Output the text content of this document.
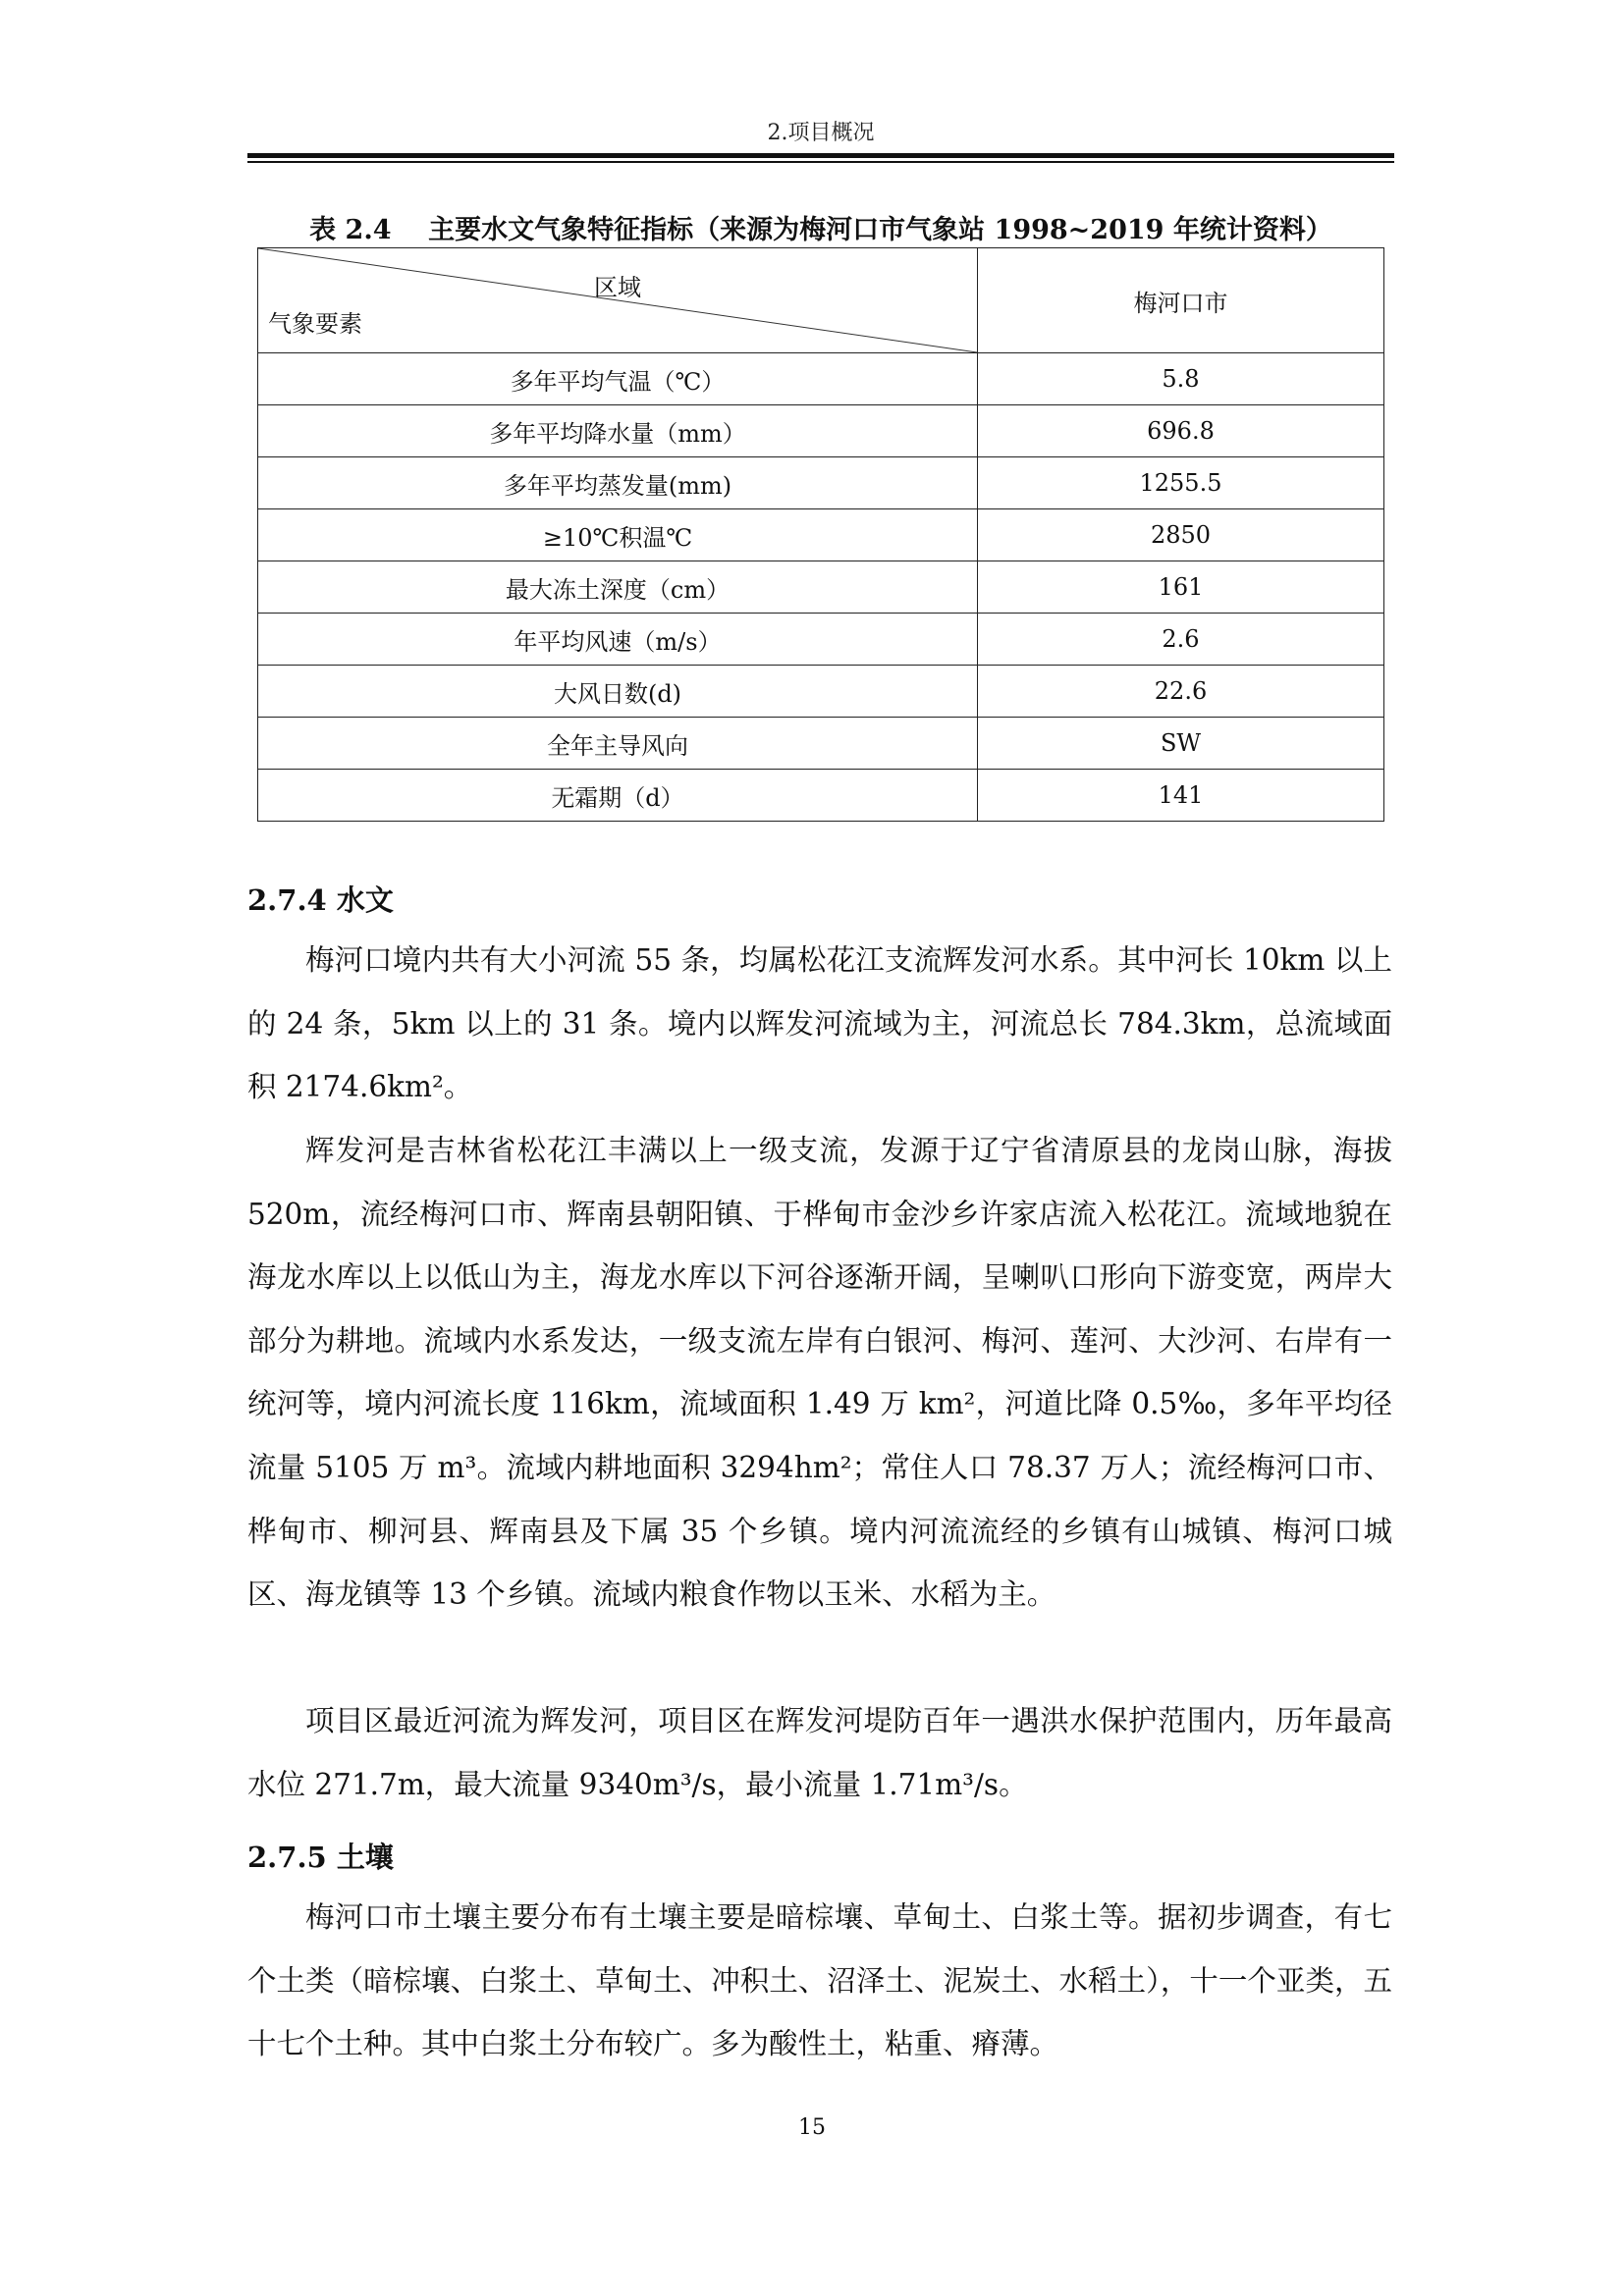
2.项目概况
表 2.4    主要水文气象特征指标（来源为梅河口市气象站 1998~2019 年统计资料）
区域
气象要素	梅河口市
多年平均气温（℃）	5.8
多年平均降水量（mm）	696.8
多年平均蒸发量(mm)	1255.5
≥10℃积温℃	2850
最大冻土深度（cm）	161
年平均风速（m/s）	2.6
大风日数(d)	22.6
全年主导风向	SW
无霜期（d）	141
2.7.4 水文

梅河口境内共有大小河流 55 条，均属松花江支流辉发河水系。其中河长 10km 以上的 24 条，5km 以上的 31 条。境内以辉发河流域为主，河流总长 784.3km，总流域面积 2174.6km²。

辉发河是吉林省松花江丰满以上一级支流，发源于辽宁省清原县的龙岗山脉，海拔 520m，流经梅河口市、辉南县朝阳镇、于桦甸市金沙乡许家店流入松花江。流域地貌在海龙水库以上以低山为主，海龙水库以下河谷逐渐开阔，呈喇叭口形向下游变宽，两岸大部分为耕地。流域内水系发达，一级支流左岸有白银河、梅河、莲河、大沙河、右岸有一统河等，境内河流长度 116km，流域面积 1.49 万 km²，河道比降 0.5‰，多年平均径流量 5105 万 m³。流域内耕地面积 3294hm²；常住人口 78.37 万人；流经梅河口市、桦甸市、柳河县、辉南县及下属 35 个乡镇。境内河流流经的乡镇有山城镇、梅河口城区、海龙镇等 13 个乡镇。流域内粮食作物以玉米、水稻为主。

项目区最近河流为辉发河，项目区在辉发河堤防百年一遇洪水保护范围内，历年最高水位 271.7m，最大流量 9340m³/s，最小流量 1.71m³/s。

2.7.5 土壤

梅河口市土壤主要分布有土壤主要是暗棕壤、草甸土、白浆土等。据初步调查，有七个土类（暗棕壤、白浆土、草甸土、冲积土、沼泽土、泥炭土、水稻土），十一个亚类，五十七个土种。其中白浆土分布较广。多为酸性土，粘重、瘠薄。

15
